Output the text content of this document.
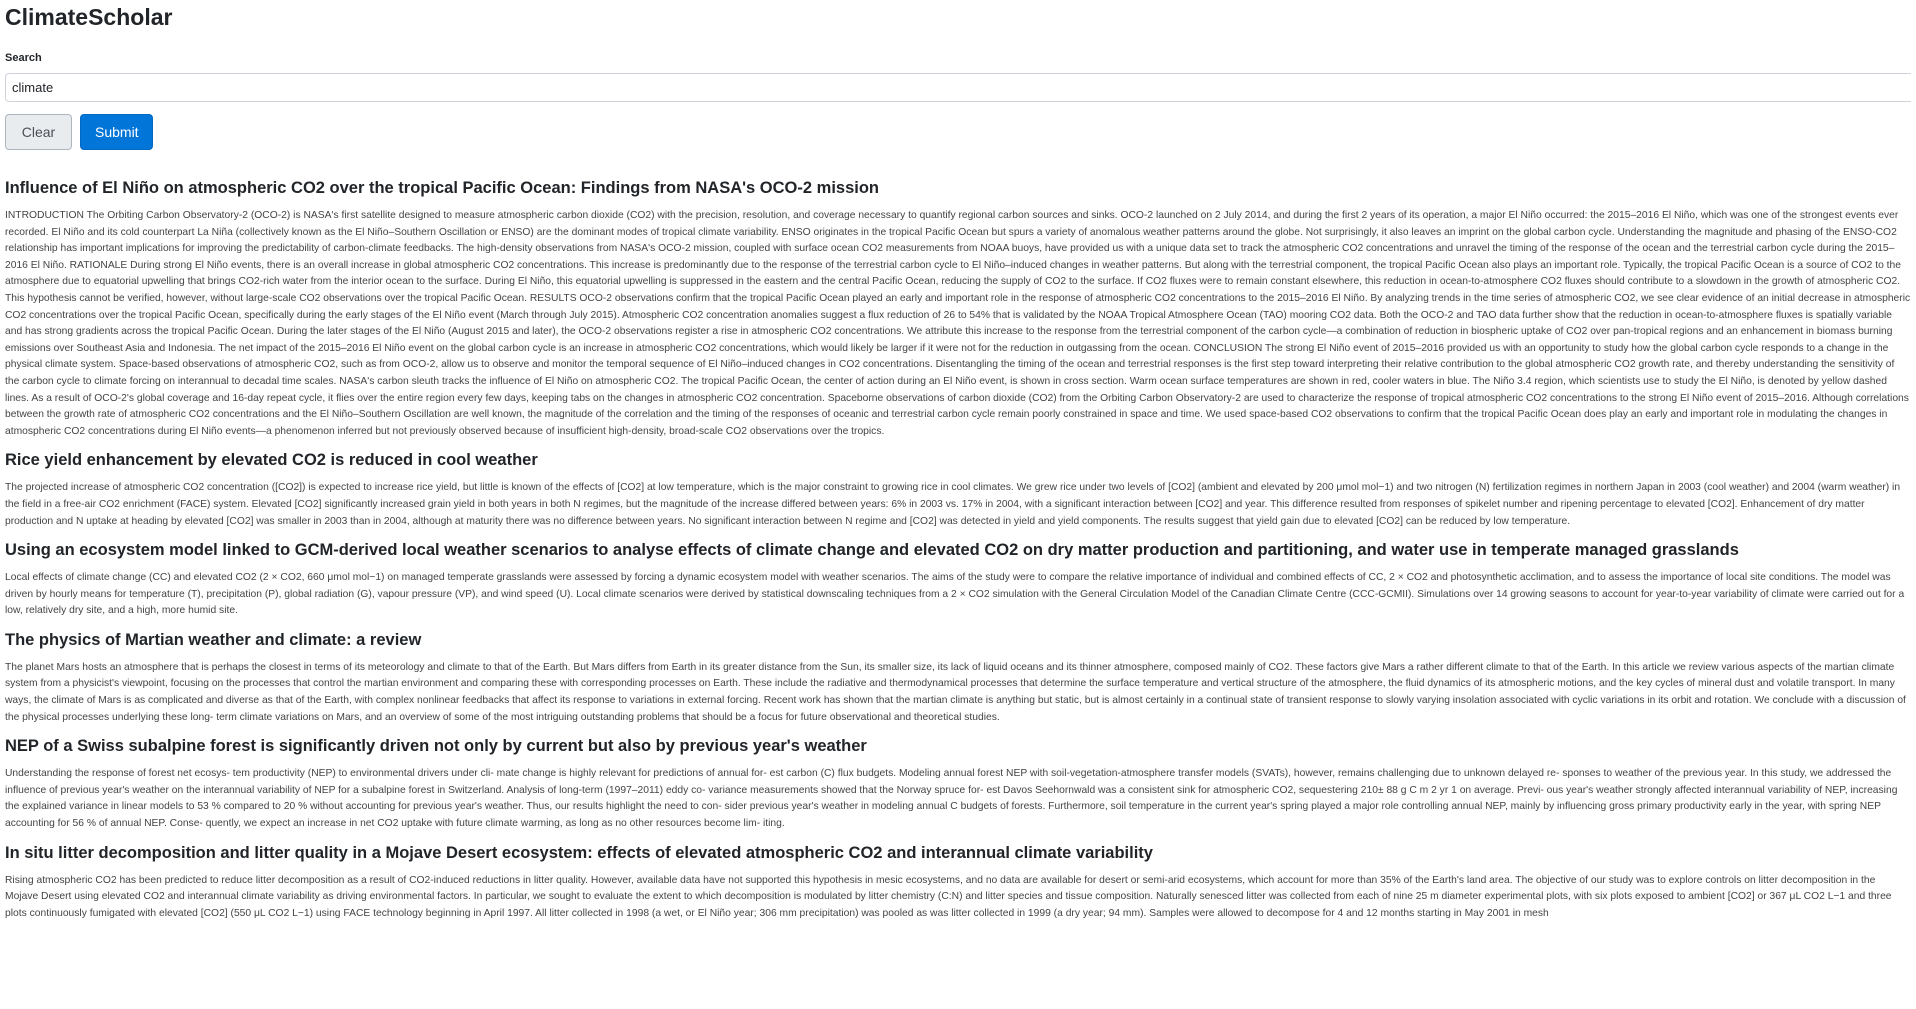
ClimateScholar
Search
climate
Clear	Submit
Influence of El Niño on atmospheric CO2 over the tropical Pacific Ocean: Findings from NASA's OCO-2 mission

INTRODUCTION The Orbiting Carbon Observatory-2 (OCO-2) is NASA's first satellite designed to measure atmospheric carbon dioxide (CO2) with the precision, resolution, and coverage necessary to quantify regional carbon sources and sinks. OCO-2 launched on 2 July 2014, and during the first 2 years of its operation, a major El Niño occurred: the 2015–2016 El Niño, which was one of the strongest events ever recorded. El Niño and its cold counterpart La Niña (collectively known as the El Niño–Southern Oscillation or ENSO) are the dominant modes of tropical climate variability. ENSO originates in the tropical Pacific Ocean but spurs a variety of anomalous weather patterns around the globe. Not surprisingly, it also leaves an imprint on the global carbon cycle. Understanding the magnitude and phasing of the ENSO-CO2 relationship has important implications for improving the predictability of carbon-climate feedbacks. The high-density observations from NASA's OCO-2 mission, coupled with surface ocean CO2 measurements from NOAA buoys, have provided us with a unique data set to track the atmospheric CO2 concentrations and unravel the timing of the response of the ocean and the terrestrial carbon cycle during the 2015–2016 El Niño. RATIONALE During strong El Niño events, there is an overall increase in global atmospheric CO2 concentrations. This increase is predominantly due to the response of the terrestrial carbon cycle to El Niño–induced changes in weather patterns. But along with the terrestrial component, the tropical Pacific Ocean also plays an important role. Typically, the tropical Pacific Ocean is a source of CO2 to the atmosphere due to equatorial upwelling that brings CO2-rich water from the interior ocean to the surface. During El Niño, this equatorial upwelling is suppressed in the eastern and the central Pacific Ocean, reducing the supply of CO2 to the surface. If CO2 fluxes were to remain constant elsewhere, this reduction in ocean-to-atmosphere CO2 fluxes should contribute to a slowdown in the growth of atmospheric CO2. This hypothesis cannot be verified, however, without large-scale CO2 observations over the tropical Pacific Ocean. RESULTS OCO-2 observations confirm that the tropical Pacific Ocean played an early and important role in the response of atmospheric CO2 concentrations to the 2015–2016 El Niño. By analyzing trends in the time series of atmospheric CO2, we see clear evidence of an initial decrease in atmospheric CO2 concentrations over the tropical Pacific Ocean, specifically during the early stages of the El Niño event (March through July 2015). Atmospheric CO2 concentration anomalies suggest a flux reduction of 26 to 54% that is validated by the NOAA Tropical Atmosphere Ocean (TAO) mooring CO2 data. Both the OCO-2 and TAO data further show that the reduction in ocean-to-atmosphere fluxes is spatially variable and has strong gradients across the tropical Pacific Ocean. During the later stages of the El Niño (August 2015 and later), the OCO-2 observations register a rise in atmospheric CO2 concentrations. We attribute this increase to the response from the terrestrial component of the carbon cycle—a combination of reduction in biospheric uptake of CO2 over pan-tropical regions and an enhancement in biomass burning emissions over Southeast Asia and Indonesia. The net impact of the 2015–2016 El Niño event on the global carbon cycle is an increase in atmospheric CO2 concentrations, which would likely be larger if it were not for the reduction in outgassing from the ocean. CONCLUSION The strong El Niño event of 2015–2016 provided us with an opportunity to study how the global carbon cycle responds to a change in the physical climate system. Space-based observations of atmospheric CO2, such as from OCO-2, allow us to observe and monitor the temporal sequence of El Niño–induced changes in CO2 concentrations. Disentangling the timing of the ocean and terrestrial responses is the first step toward interpreting their relative contribution to the global atmospheric CO2 growth rate, and thereby understanding the sensitivity of the carbon cycle to climate forcing on interannual to decadal time scales. NASA's carbon sleuth tracks the influence of El Niño on atmospheric CO2. The tropical Pacific Ocean, the center of action during an El Niño event, is shown in cross section. Warm ocean surface temperatures are shown in red, cooler waters in blue. The Niño 3.4 region, which scientists use to study the El Niño, is denoted by yellow dashed lines. As a result of OCO-2's global coverage and 16-day repeat cycle, it flies over the entire region every few days, keeping tabs on the changes in atmospheric CO2 concentration. Spaceborne observations of carbon dioxide (CO2) from the Orbiting Carbon Observatory-2 are used to characterize the response of tropical atmospheric CO2 concentrations to the strong El Niño event of 2015–2016. Although correlations between the growth rate of atmospheric CO2 concentrations and the El Niño–Southern Oscillation are well known, the magnitude of the correlation and the timing of the responses of oceanic and terrestrial carbon cycle remain poorly constrained in space and time. We used space-based CO2 observations to confirm that the tropical Pacific Ocean does play an early and important role in modulating the changes in atmospheric CO2 concentrations during El Niño events—a phenomenon inferred but not previously observed because of insufficient high-density, broad-scale CO2 observations over the tropics.

Rice yield enhancement by elevated CO2 is reduced in cool weather

The projected increase of atmospheric CO2 concentration ([CO2]) is expected to increase rice yield, but little is known of the effects of [CO2] at low temperature, which is the major constraint to growing rice in cool climates. We grew rice under two levels of [CO2] (ambient and elevated by 200 μmol mol−1) and two nitrogen (N) fertilization regimes in northern Japan in 2003 (cool weather) and 2004 (warm weather) in the field in a free-air CO2 enrichment (FACE) system. Elevated [CO2] significantly increased grain yield in both years in both N regimes, but the magnitude of the increase differed between years: 6% in 2003 vs. 17% in 2004, with a significant interaction between [CO2] and year. This difference resulted from responses of spikelet number and ripening percentage to elevated [CO2]. Enhancement of dry matter production and N uptake at heading by elevated [CO2] was smaller in 2003 than in 2004, although at maturity there was no difference between years. No significant interaction between N regime and [CO2] was detected in yield and yield components. The results suggest that yield gain due to elevated [CO2] can be reduced by low temperature.

Using an ecosystem model linked to GCM-derived local weather scenarios to analyse effects of climate change and elevated CO2 on dry matter production and partitioning, and water use in temperate managed grasslands

Local effects of climate change (CC) and elevated CO2 (2 × CO2, 660 μmol mol−1) on managed temperate grasslands were assessed by forcing a dynamic ecosystem model with weather scenarios. The aims of the study were to compare the relative importance of individual and combined effects of CC, 2 × CO2 and photosynthetic acclimation, and to assess the importance of local site conditions. The model was driven by hourly means for temperature (T), precipitation (P), global radiation (G), vapour pressure (VP), and wind speed (U). Local climate scenarios were derived by statistical downscaling techniques from a 2 × CO2 simulation with the General Circulation Model of the Canadian Climate Centre (CCC-GCMII). Simulations over 14 growing seasons to account for year-to-year variability of climate were carried out for a low, relatively dry site, and a high, more humid site.

The physics of Martian weather and climate: a review

The planet Mars hosts an atmosphere that is perhaps the closest in terms of its meteorology and climate to that of the Earth. But Mars differs from Earth in its greater distance from the Sun, its smaller size, its lack of liquid oceans and its thinner atmosphere, composed mainly of CO2. These factors give Mars a rather different climate to that of the Earth. In this article we review various aspects of the martian climate system from a physicist's viewpoint, focusing on the processes that control the martian environment and comparing these with corresponding processes on Earth. These include the radiative and thermodynamical processes that determine the surface temperature and vertical structure of the atmosphere, the fluid dynamics of its atmospheric motions, and the key cycles of mineral dust and volatile transport. In many ways, the climate of Mars is as complicated and diverse as that of the Earth, with complex nonlinear feedbacks that affect its response to variations in external forcing. Recent work has shown that the martian climate is anything but static, but is almost certainly in a continual state of transient response to slowly varying insolation associated with cyclic variations in its orbit and rotation. We conclude with a discussion of the physical processes underlying these long- term climate variations on Mars, and an overview of some of the most intriguing outstanding problems that should be a focus for future observational and theoretical studies.

NEP of a Swiss subalpine forest is significantly driven not only by current but also by previous year's weather

Understanding the response of forest net ecosys- tem productivity (NEP) to environmental drivers under cli- mate change is highly relevant for predictions of annual for- est carbon (C) flux budgets. Modeling annual forest NEP with soil-vegetation-atmosphere transfer models (SVATs), however, remains challenging due to unknown delayed re- sponses to weather of the previous year. In this study, we addressed the influence of previous year's weather on the interannual variability of NEP for a subalpine forest in Switzerland. Analysis of long-term (1997–2011) eddy co- variance measurements showed that the Norway spruce for- est Davos Seehornwald was a consistent sink for atmospheric CO2, sequestering 210± 88 g C m 2 yr 1 on average. Previ- ous year's weather strongly affected interannual variability of NEP, increasing the explained variance in linear models to 53 % compared to 20 % without accounting for previous year's weather. Thus, our results highlight the need to con- sider previous year's weather in modeling annual C budgets of forests. Furthermore, soil temperature in the current year's spring played a major role controlling annual NEP, mainly by influencing gross primary productivity early in the year, with spring NEP accounting for 56 % of annual NEP. Conse- quently, we expect an increase in net CO2 uptake with future climate warming, as long as no other resources become lim- iting.

In situ litter decomposition and litter quality in a Mojave Desert ecosystem: effects of elevated atmospheric CO2 and interannual climate variability

Rising atmospheric CO2 has been predicted to reduce litter decomposition as a result of CO2-induced reductions in litter quality. However, available data have not supported this hypothesis in mesic ecosystems, and no data are available for desert or semi-arid ecosystems, which account for more than 35% of the Earth's land area. The objective of our study was to explore controls on litter decomposition in the Mojave Desert using elevated CO2 and interannual climate variability as driving environmental factors. In particular, we sought to evaluate the extent to which decomposition is modulated by litter chemistry (C:N) and litter species and tissue composition. Naturally senesced litter was collected from each of nine 25 m diameter experimental plots, with six plots exposed to ambient [CO2] or 367 μL CO2 L−1 and three plots continuously fumigated with elevated [CO2] (550 μL CO2 L−1) using FACE technology beginning in April 1997. All litter collected in 1998 (a wet, or El Niño year; 306 mm precipitation) was pooled as was litter collected in 1999 (a dry year; 94 mm). Samples were allowed to decompose for 4 and 12 months starting in May 2001 in mesh
